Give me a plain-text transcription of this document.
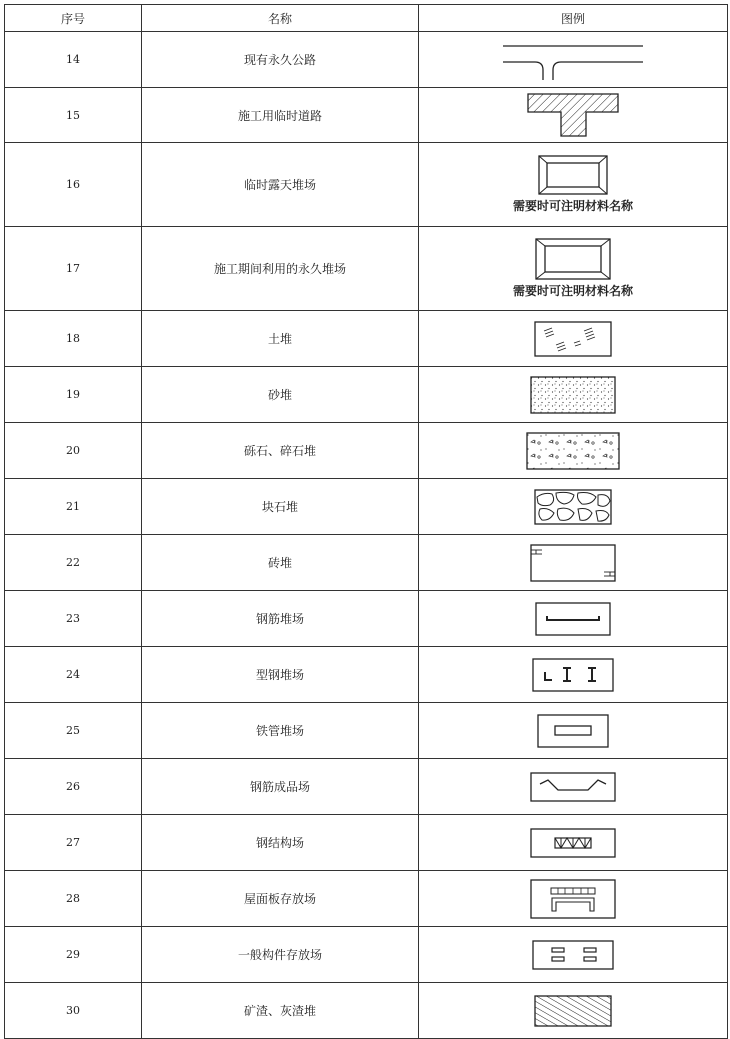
序号	名称	图例
14	现有永久公路	

15	施工用临时道路	

16	临时露天堆场	需要时可注明材料名称

17	施工期间利用的永久堆场	需要时可注明材料名称

18	土堆	

19	砂堆	

20	砾石、碎石堆	

21	块石堆	

22	砖堆	

23	钢筋堆场	

24	型钢堆场	

25	铁管堆场	

26	钢筋成品场	

27	钢结构场	

28	屋面板存放场	

29	一般构件存放场	

30	矿渣、灰渣堆	
